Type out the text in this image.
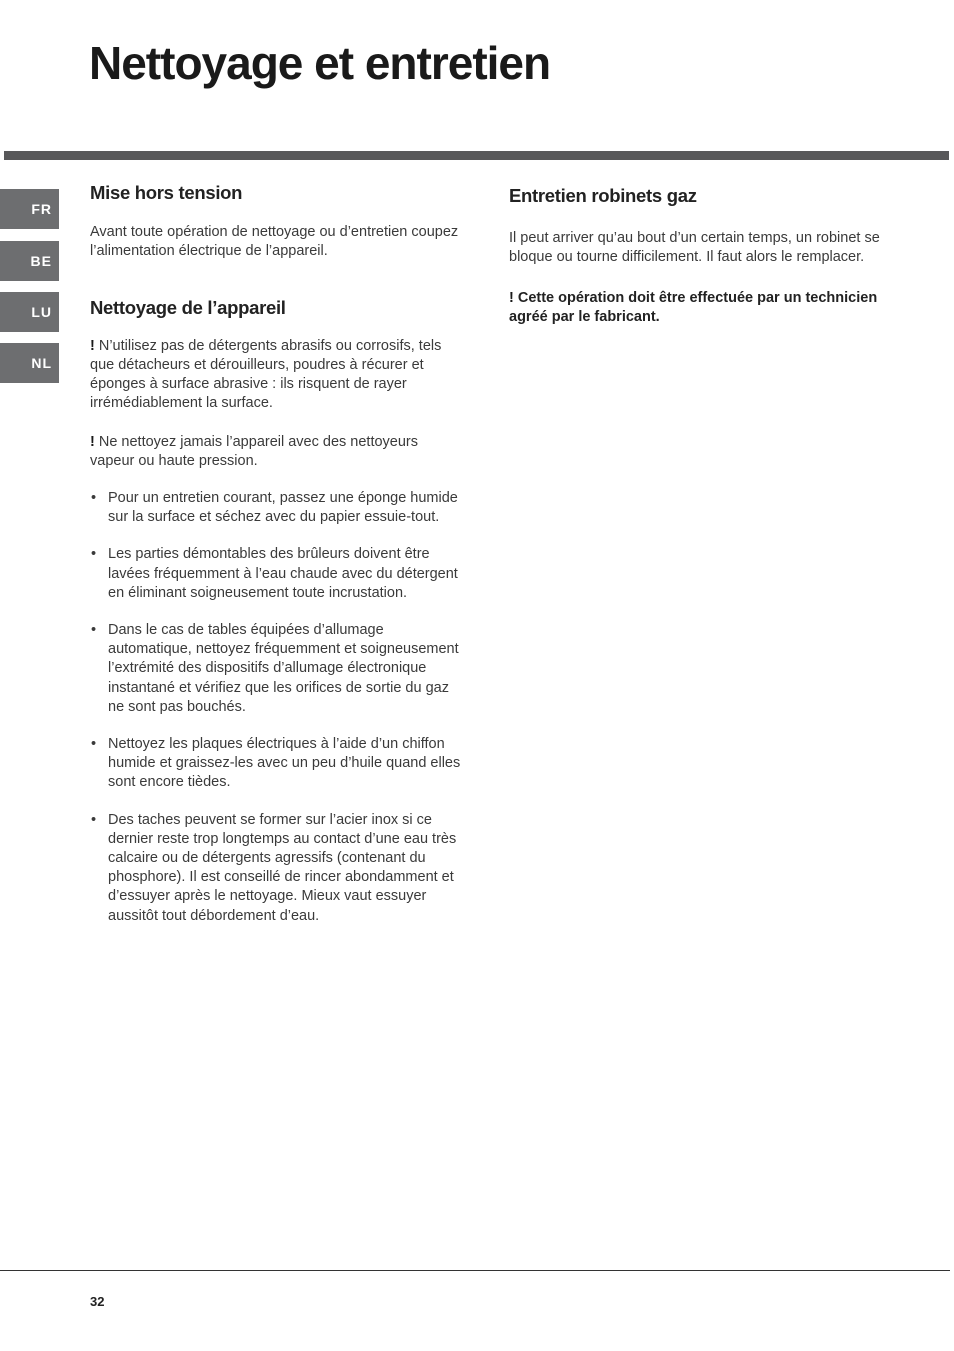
Nettoyage et entretien
FR
BE
LU
NL
Mise hors tension

Avant toute opération de nettoyage ou d’entretien coupez l’alimentation électrique de l’appareil.

Nettoyage de l’appareil

! N’utilisez pas de détergents abrasifs ou corrosifs, tels que détacheurs et dérouilleurs, poudres à récurer et éponges à surface abrasive : ils risquent de rayer irrémédiablement la surface.

! Ne nettoyez jamais l’appareil avec des nettoyeurs vapeur ou haute pression.

• Pour un entretien courant, passez une éponge humide sur la surface et séchez avec du papier essuie-tout.
• Les parties démontables des brûleurs doivent être lavées fréquemment à l’eau chaude avec du détergent en éliminant soigneusement toute incrustation.
• Dans le cas de tables équipées d’allumage automatique, nettoyez fréquemment et soigneusement l’extrémité des dispositifs d’allumage électronique instantané et vérifiez que les orifices de sortie du gaz ne sont pas bouchés.
• Nettoyez les plaques électriques à l’aide d’un chiffon humide et graissez-les avec un peu d’huile quand elles sont encore tièdes.
• Des taches peuvent se former sur l’acier inox si ce dernier reste trop longtemps au contact d’une eau très calcaire ou de détergents agressifs (contenant du phosphore). Il est conseillé de rincer abondamment et d’essuyer après le nettoyage. Mieux vaut essuyer aussitôt tout débordement d’eau.
Entretien robinets gaz

Il peut arriver qu’au bout d’un certain temps, un robinet se bloque ou tourne difficilement. Il faut alors le remplacer.

! Cette opération doit être effectuée par un technicien agréé par le fabricant.

32
